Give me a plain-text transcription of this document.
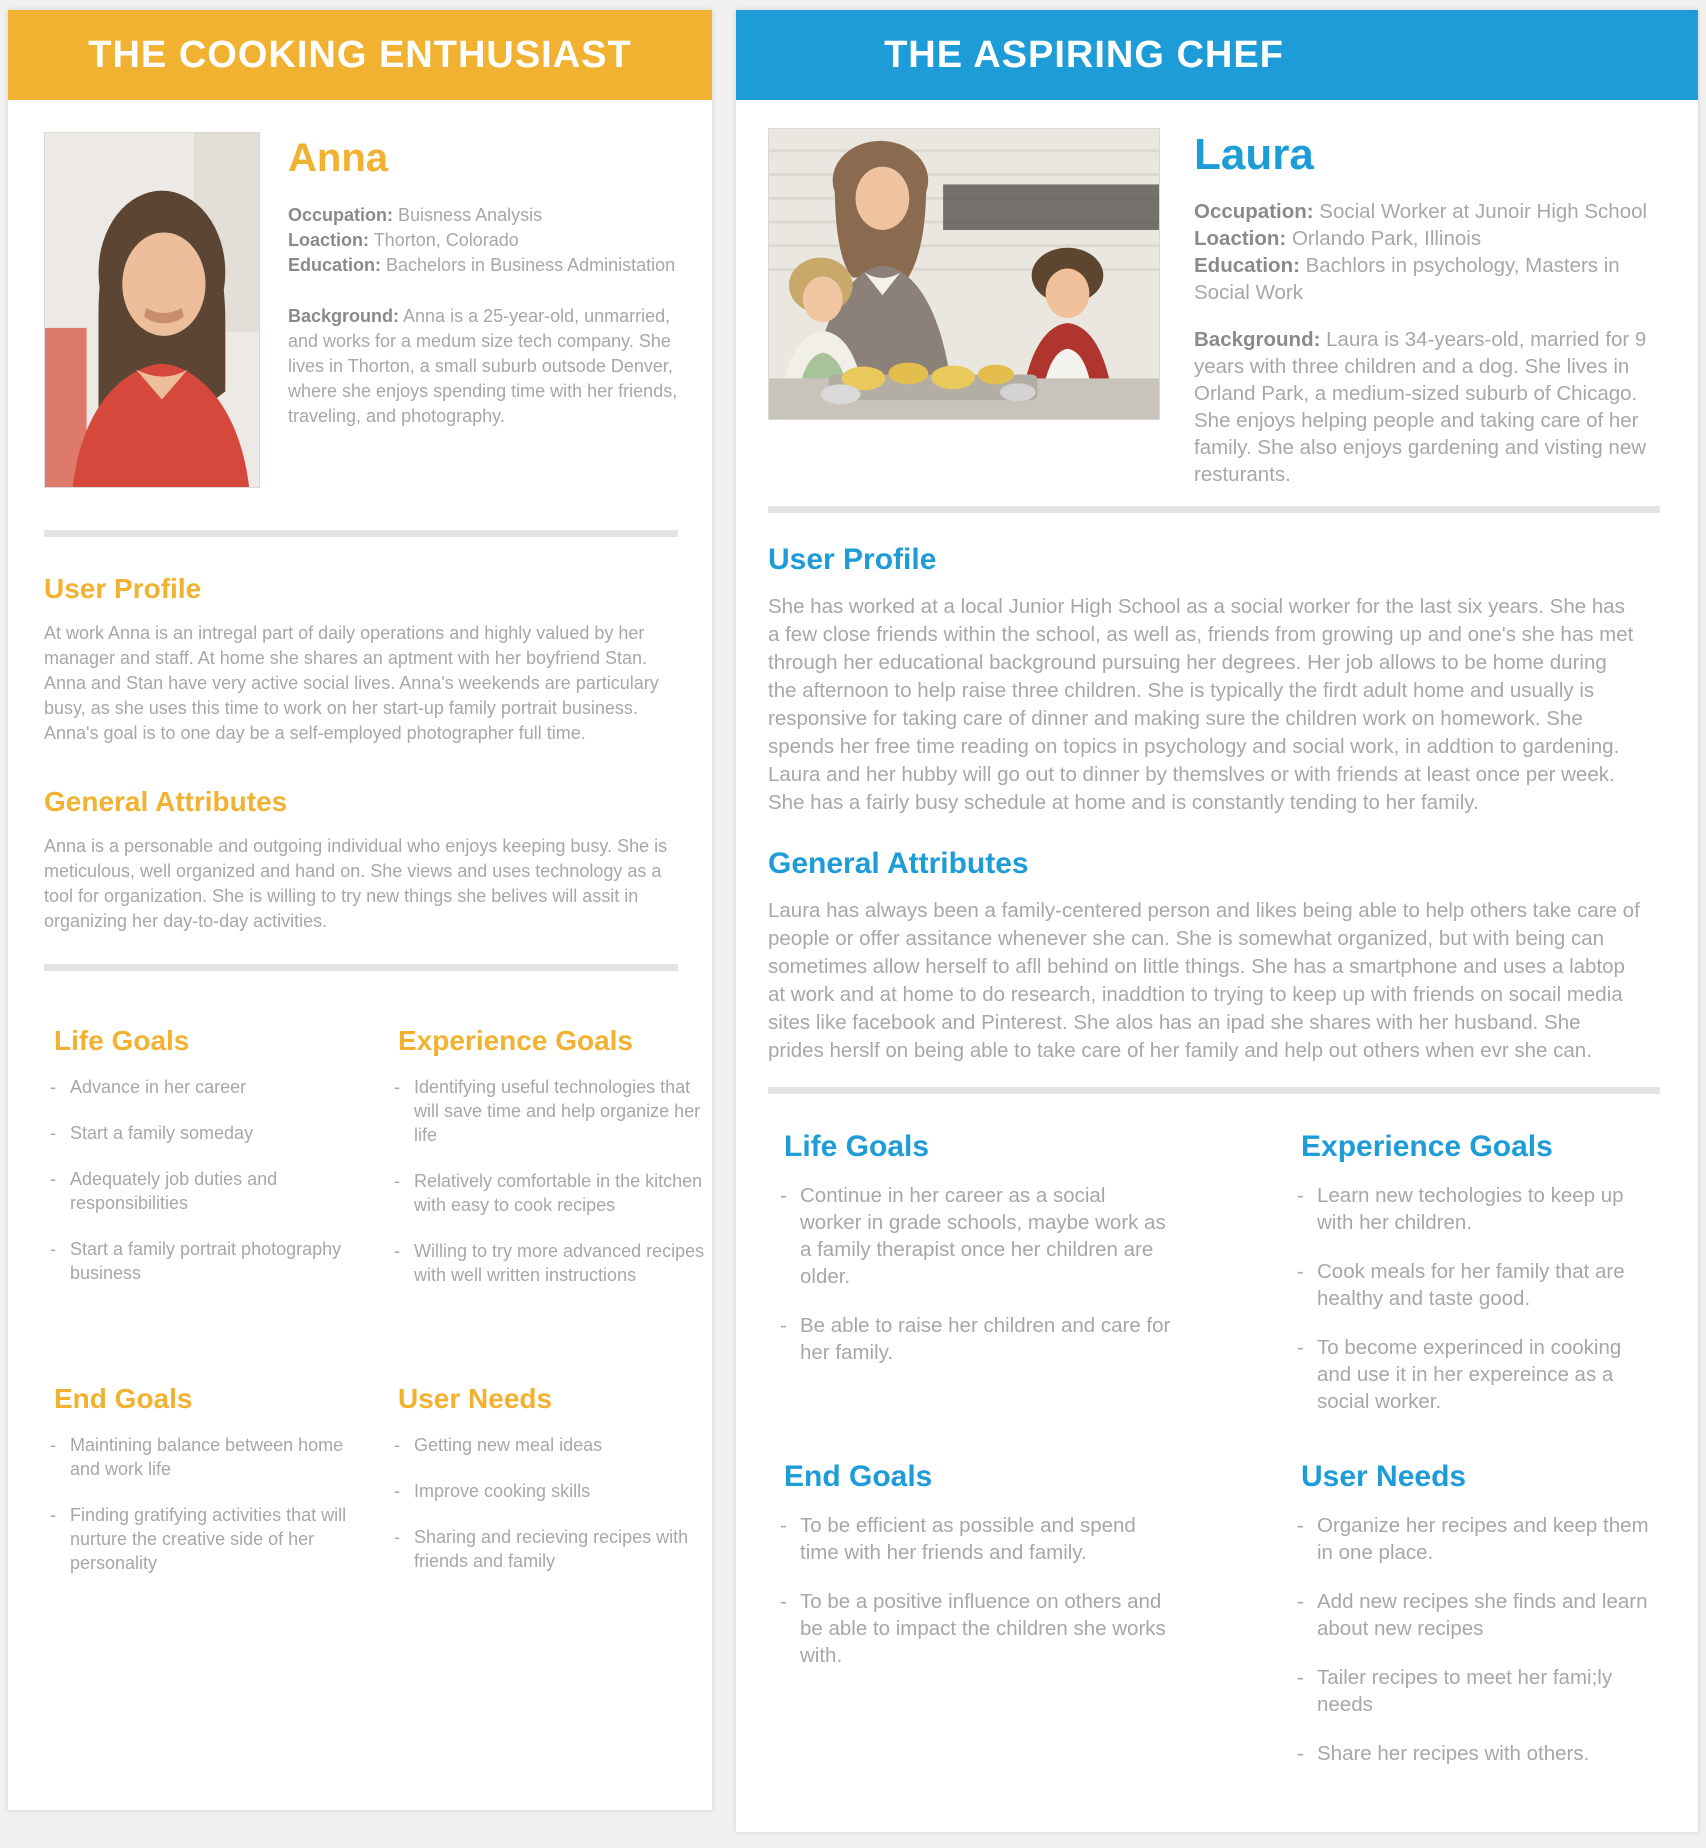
THE COOKING ENTHUSIAST
Anna

Occupation: Buisness Analysis

Loaction: Thorton, Colorado

Education: Bachelors in Business Administation

Background: Anna is a 25-year-old, unmarried, and works for a medum size tech company. She lives in Thorton, a small suburb outsode Denver, where she enjoys spending time with her friends, traveling, and photography.

User Profile

At work Anna is an intregal part of daily operations and highly valued by her manager and staff. At home she shares an aptment with her boyfriend Stan. Anna and Stan have very active social lives. Anna's weekends are particulary busy, as she uses this time to work on her start-up family portrait business. Anna's goal is to one day be a self-employed photographer full time.

General Attributes

Anna is a personable and outgoing individual who enjoys keeping busy. She is meticulous, well organized and hand on. She views and uses technology as a tool for organization. She is willing to try new things she belives will assit in organizing her day-to-day activities.

Life Goals
- Advance in her career
- Start a family someday
- Adequately job duties and responsibilities
- Start a family portrait photography business
Experience Goals
- Identifying useful technologies that will save time and help organize her life
- Relatively comfortable in the kitchen with easy to cook recipes
- Willing to try more advanced recipes with well written instructions
End Goals
- Maintining balance between home and work life
- Finding gratifying activities that will nurture the creative side of her personality
User Needs
- Getting new meal ideas
- Improve cooking skills
- Sharing and recieving recipes with friends and family
THE ASPIRING CHEF
Laura

Occupation: Social Worker at Junoir High School

Loaction: Orlando Park, Illinois

Education: Bachlors in psychology, Masters in Social Work

Background: Laura is 34-years-old, married for 9 years with three children and a dog. She lives in Orland Park, a medium-sized suburb of Chicago. She enjoys helping people and taking care of her family. She also enjoys gardening and visting new resturants.

User Profile

She has worked at a local Junior High School as a social worker for the last six years. She has a few close friends within the school, as well as, friends from growing up and one's she has met through her educational background pursuing her degrees. Her job allows to be home during the afternoon to help raise three children. She is typically the firdt adult home and usually is responsive for taking care of dinner and making sure the children work on homework. She spends her free time reading on topics in psychology and social work, in addtion to gardening. Laura and her hubby will go out to dinner by themslves or with friends at least once per week. She has a fairly busy schedule at home and is constantly tending to her family.

General Attributes

Laura has always been a family-centered person and likes being able to help others take care of people or offer assitance whenever she can. She is somewhat organized, but with being can sometimes allow herself to afll behind on little things. She has a smartphone and uses a labtop at work and at home to do research, inaddtion to trying to keep up with friends on socail media sites like facebook and Pinterest. She alos has an ipad she shares with her husband. She prides herslf on being able to take care of her family and help out others when evr she can.

Life Goals
- Continue in her career as a social worker in grade schools, maybe work as a family therapist once her children are older.
- Be able to raise her children and care for her family.
Experience Goals
- Learn new techologies to keep up with her children.
- Cook meals for her family that are healthy and taste good.
- To become experinced in cooking and use it in her expereince as a social worker.
End Goals
- To be efficient as possible and spend time with her friends and family.
- To be a positive influence on others and be able to impact the children she works with.
User Needs
- Organize her recipes and keep them in one place.
- Add new recipes she finds and learn about new recipes
- Tailer recipes to meet her fami;ly needs
- Share her recipes with others.
